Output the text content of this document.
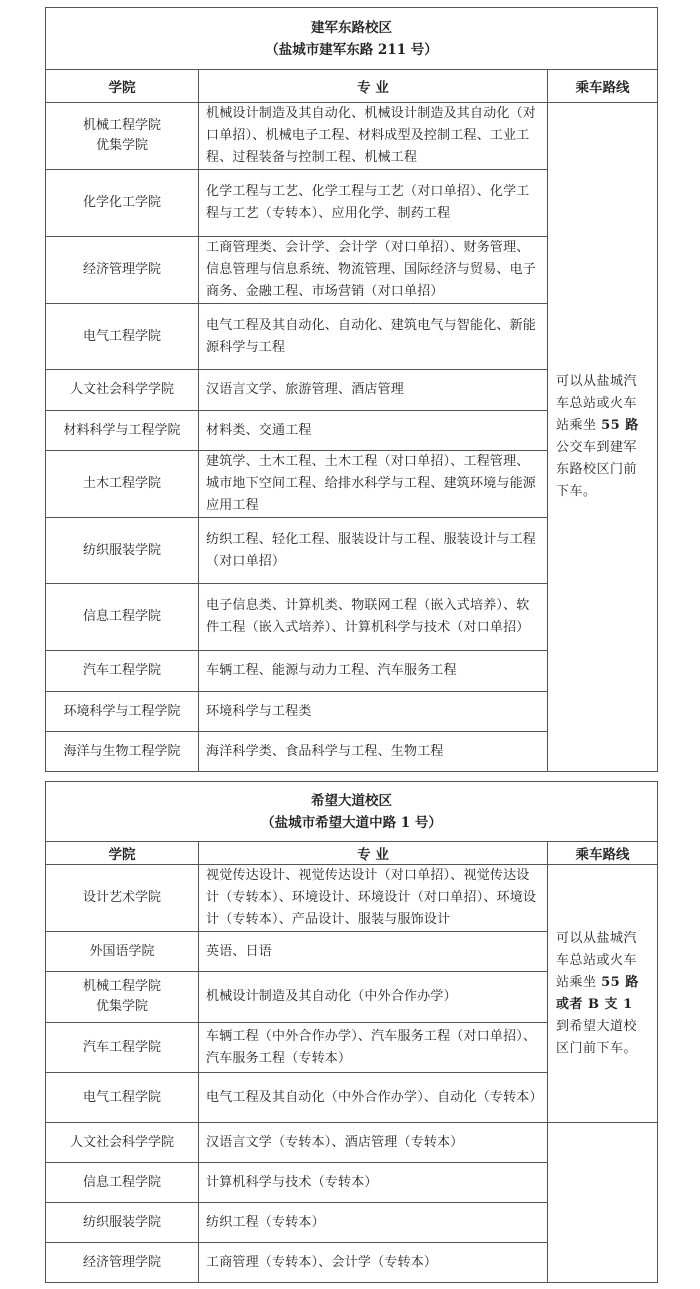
建军东路校区
（盐城市建军东路 211 号）		

学院	专 业	乘车路线
机械工程学院
优集学院	机械设计制造及其自动化、机械设计制造及其自动化（对口单招）、机械电子工程、材料成型及控制工程、工业工程、过程装备与控制工程、机械工程	可以从盐城汽车总站或火车站乘坐 55 路公交车到建军东路校区门前下车。
化学化工学院	化学工程与工艺、化学工程与工艺（对口单招）、化学工程与工艺（专转本）、应用化学、制药工程	
经济管理学院	工商管理类、会计学、会计学（对口单招）、财务管理、信息管理与信息系统、物流管理、国际经济与贸易、电子商务、金融工程、市场营销（对口单招）	
电气工程学院	电气工程及其自动化、自动化、建筑电气与智能化、新能源科学与工程	
人文社会科学学院	汉语言文学、旅游管理、酒店管理	
材料科学与工程学院	材料类、交通工程	
土木工程学院	建筑学、土木工程、土木工程（对口单招）、工程管理、城市地下空间工程、给排水科学与工程、建筑环境与能源应用工程	
纺织服装学院	纺织工程、轻化工程、服装设计与工程、服装设计与工程（对口单招）	
信息工程学院	电子信息类、计算机类、物联网工程（嵌入式培养）、软件工程（嵌入式培养）、计算机科学与技术（对口单招）	
汽车工程学院	车辆工程、能源与动力工程、汽车服务工程	
环境科学与工程学院	环境科学与工程类	
海洋与生物工程学院	海洋科学类、食品科学与工程、生物工程	
希望大道校区
（盐城市希望大道中路 1 号）		

学院	专 业	乘车路线
设计艺术学院	视觉传达设计、视觉传达设计（对口单招）、视觉传达设计（专转本）、环境设计、环境设计（对口单招）、环境设计（专转本）、产品设计、服装与服饰设计	可以从盐城汽车总站或火车站乘坐 55 路或者 B 支 1 到希望大道校区门前下车。
外国语学院	英语、日语	
机械工程学院
优集学院	机械设计制造及其自动化（中外合作办学）	
汽车工程学院	车辆工程（中外合作办学）、汽车服务工程（对口单招）、汽车服务工程（专转本）	
电气工程学院	电气工程及其自动化（中外合作办学）、自动化（专转本）	
人文社会科学学院	汉语言文学（专转本）、酒店管理（专转本）	
信息工程学院	计算机科学与技术（专转本）	
纺织服装学院	纺织工程（专转本）	
经济管理学院	工商管理（专转本）、会计学（专转本）	
